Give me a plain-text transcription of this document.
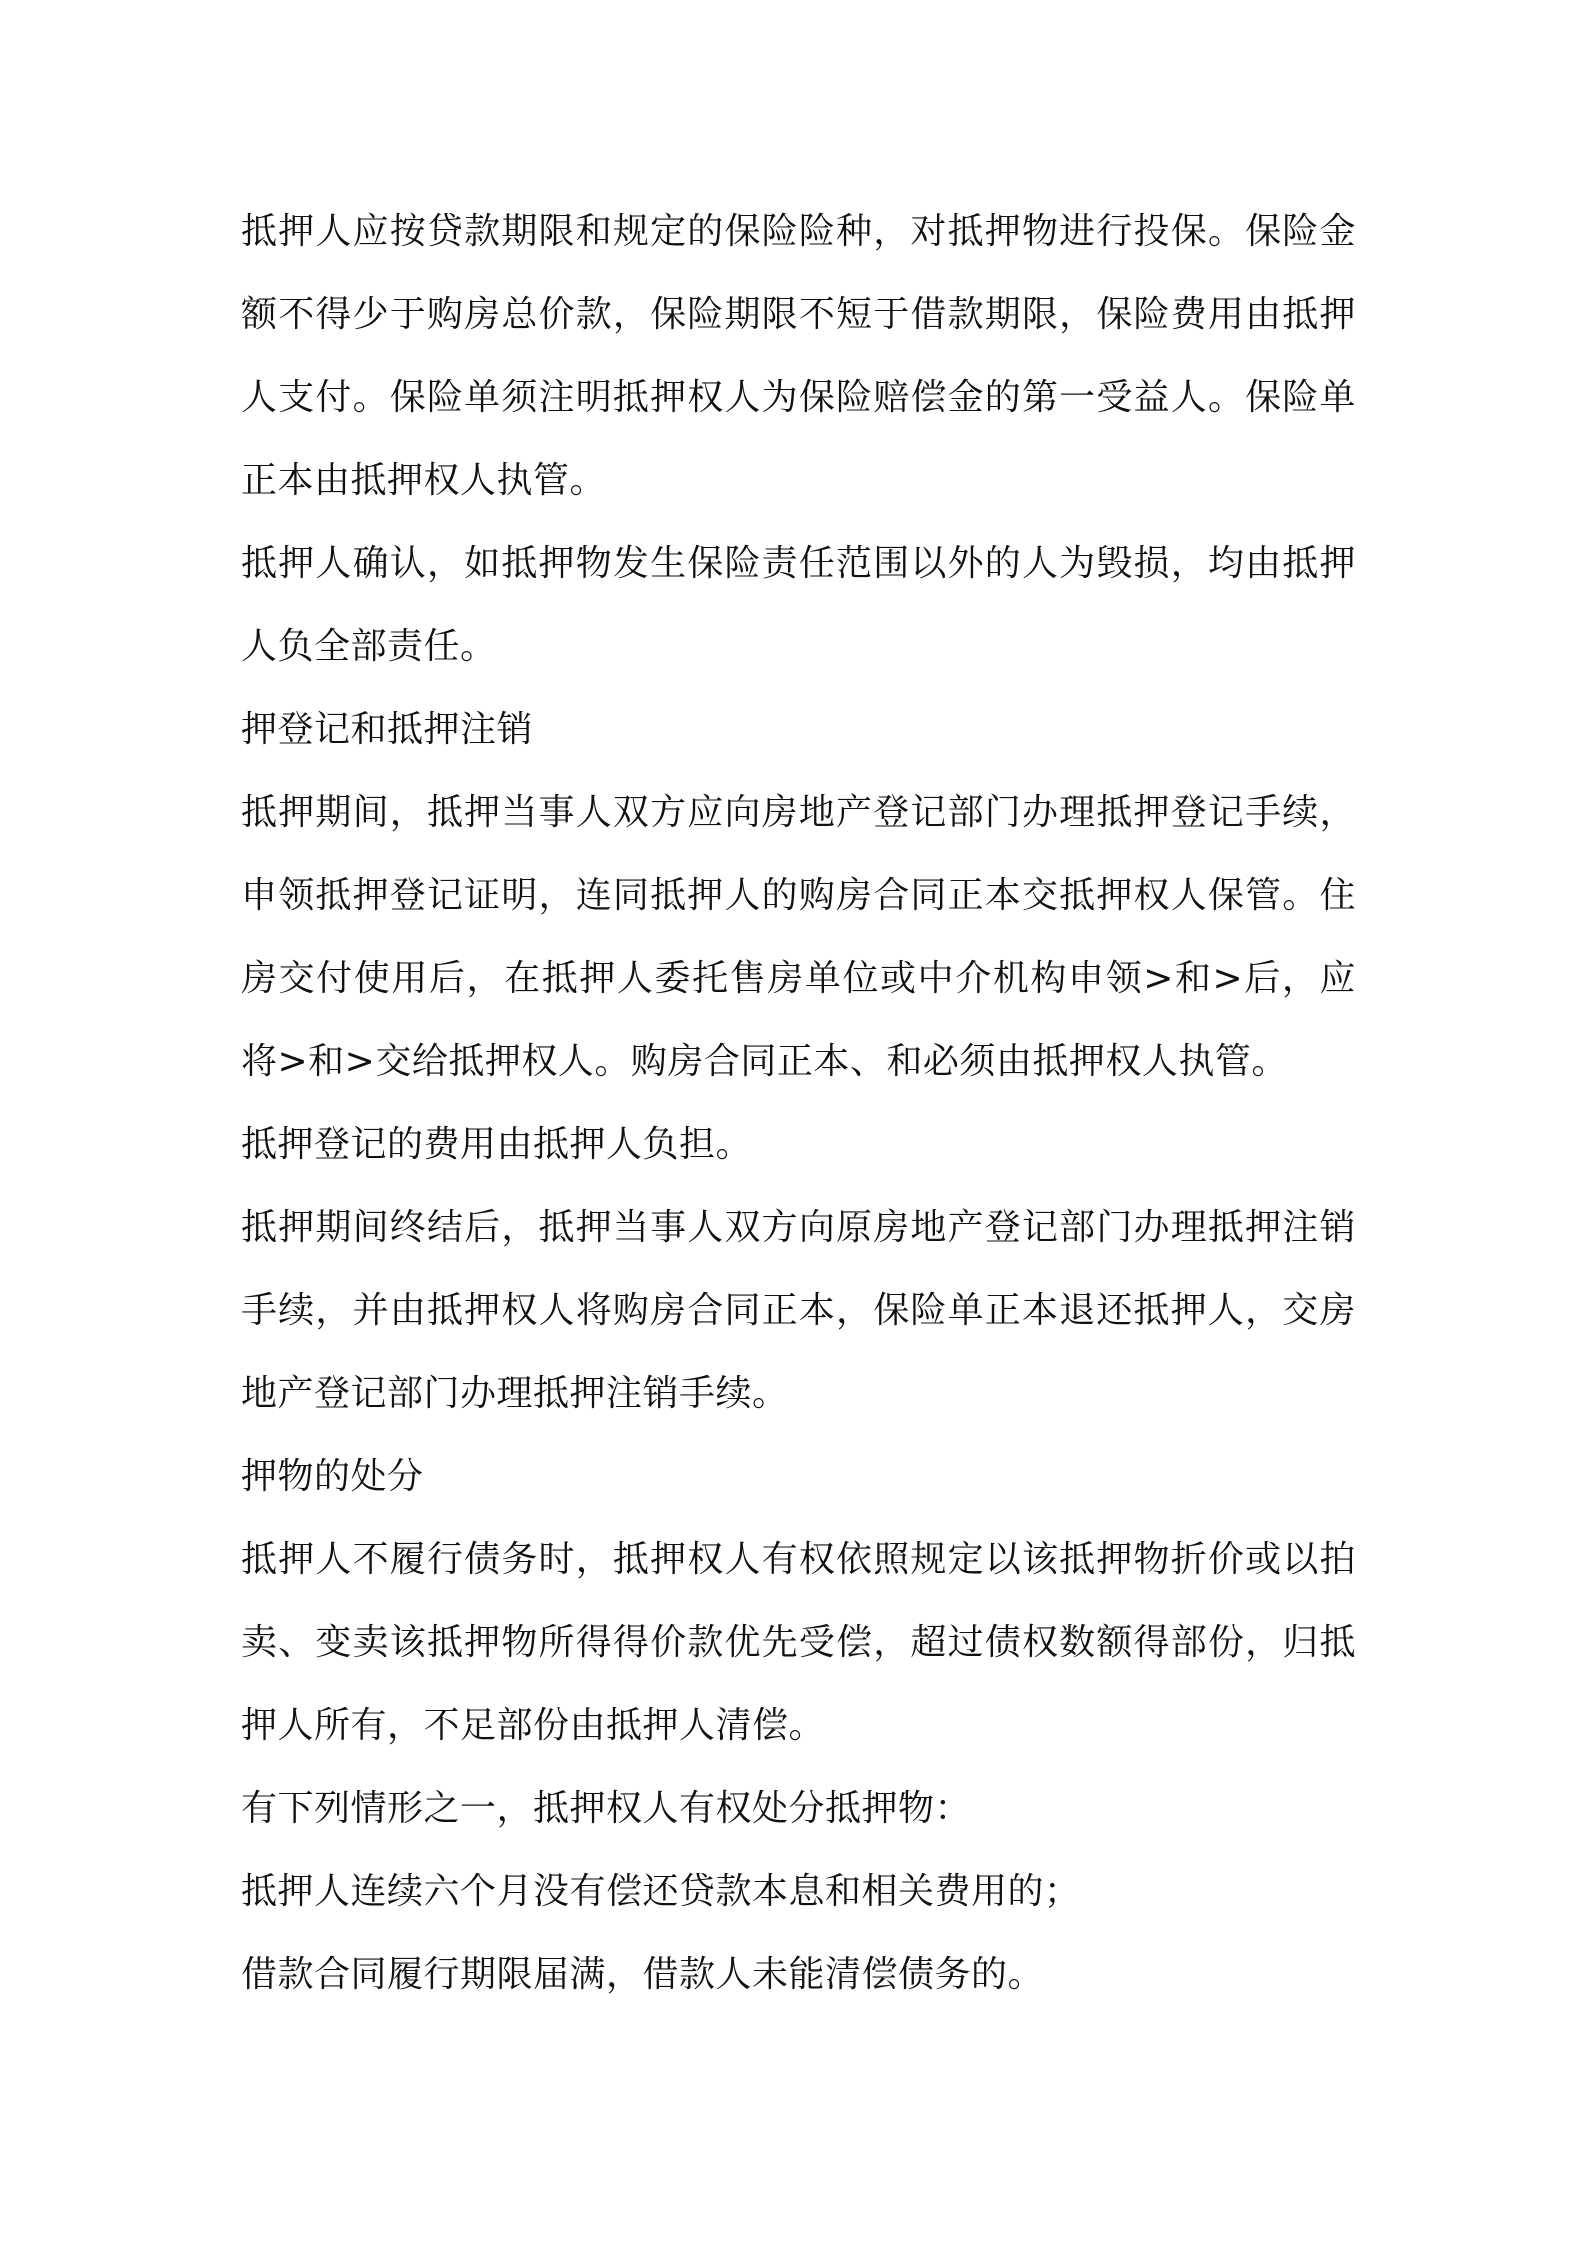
抵押人应按贷款期限和规定的保险险种，对抵押物进行投保。保险金额不得少于购房总价款，保险期限不短于借款期限，保险费用由抵押人支付。保险单须注明抵押权人为保险赔偿金的第一受益人。保险单正本由抵押权人执管。

抵押人确认，如抵押物发生保险责任范围以外的人为毁损，均由抵押人负全部责任。

押登记和抵押注销

抵押期间，抵押当事人双方应向房地产登记部门办理抵押登记手续，申领抵押登记证明，连同抵押人的购房合同正本交抵押权人保管。住房交付使用后，在抵押人委托售房单位或中介机构申领>和>后，应将>和>交给抵押权人。购房合同正本、和必须由抵押权人执管。

抵押登记的费用由抵押人负担。

抵押期间终结后，抵押当事人双方向原房地产登记部门办理抵押注销手续，并由抵押权人将购房合同正本，保险单正本退还抵押人，交房地产登记部门办理抵押注销手续。

押物的处分

抵押人不履行债务时，抵押权人有权依照规定以该抵押物折价或以拍卖、变卖该抵押物所得得价款优先受偿，超过债权数额得部份，归抵押人所有，不足部份由抵押人清偿。

有下列情形之一，抵押权人有权处分抵押物：

抵押人连续六个月没有偿还贷款本息和相关费用的；

借款合同履行期限届满，借款人未能清偿债务的。
